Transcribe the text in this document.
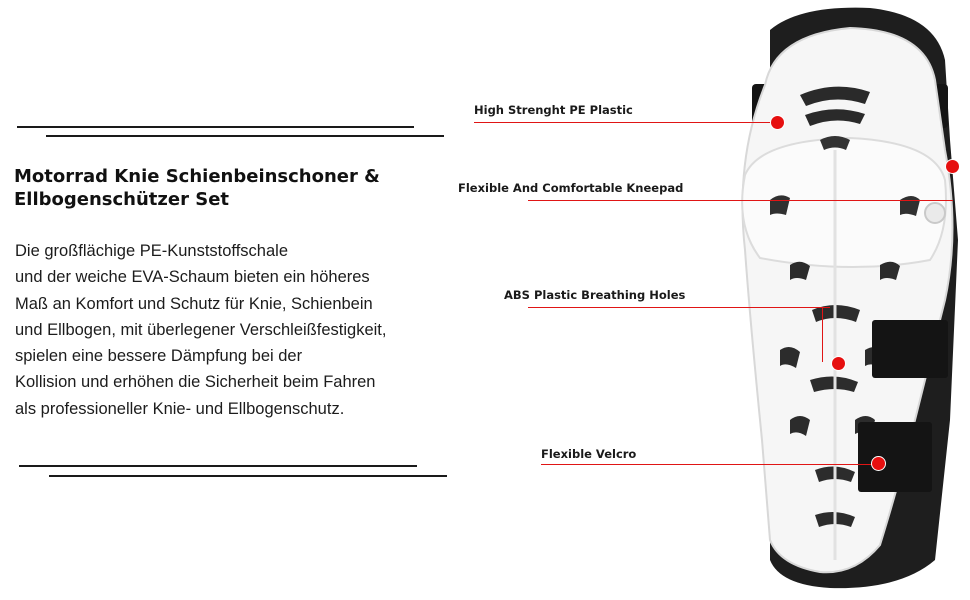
Motorrad Knie Schienbeinschoner &
Ellbogenschützer Set

Die großflächige PE-Kunststoffschale
und der weiche EVA-Schaum bieten ein höheres
Maß an Komfort und Schutz für Knie, Schienbein
und Ellbogen, mit überlegener Verschleißfestigkeit,
spielen eine bessere Dämpfung bei der
Kollision und erhöhen die Sicherheit beim Fahren
als professioneller Knie- und Ellbogenschutz.

High Strenght PE Plastic
Flexible And Comfortable Kneepad
ABS Plastic Breathing Holes
Flexible Velcro
